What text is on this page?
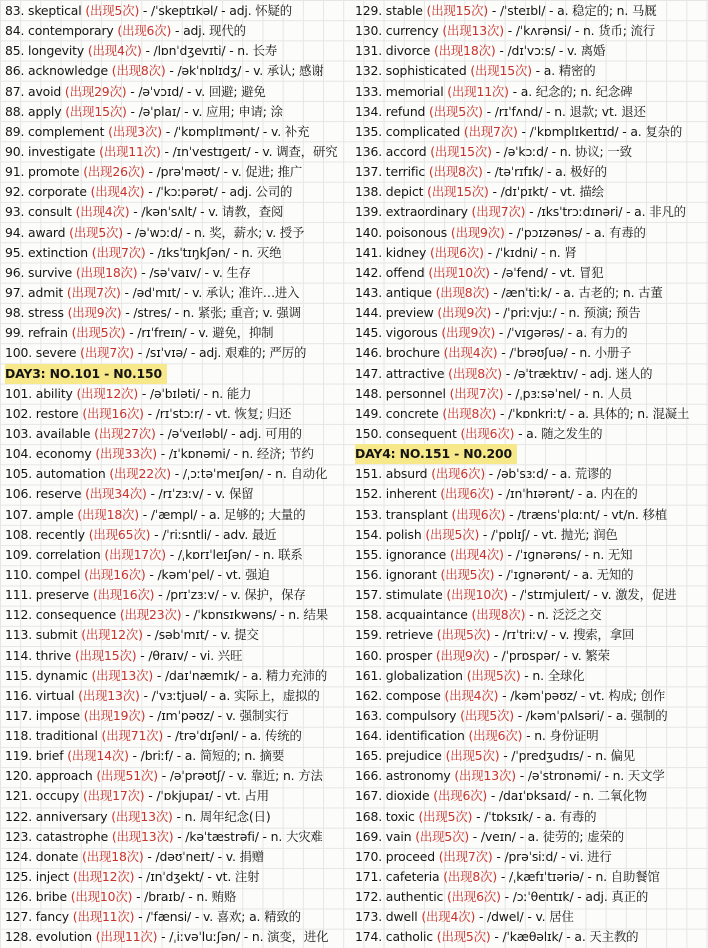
83. skeptical (出现5次) - /ˈskeptɪkəl/ - adj. 怀疑的
84. contemporary (出现6次) - adj. 现代的
85. longevity (出现4次) - /lɒnˈdʒevɪti/ - n. 长寿
86. acknowledge (出现8次) - /əkˈnɒlɪdʒ/ - v. 承认; 感谢
87. avoid (出现29次) - /əˈvɔɪd/ - v. 回避; 避免
88. apply (出现15次) - /əˈplaɪ/ - v. 应用; 申请; 涂
89. complement (出现3次) - /ˈkɒmplɪmənt/ - v. 补充
90. investigate (出现11次) - /ɪnˈvestɪɡeɪt/ - v. 调查，研究
91. promote (出现26次) - /prəˈməʊt/ - v. 促进; 推广
92. corporate (出现4次) - /ˈkɔːpərət/ - adj. 公司的
93. consult (出现4次) - /kənˈsʌlt/ - v. 请教，查阅
94. award (出现5次) - /əˈwɔːd/ - n. 奖，薪水; v. 授予
95. extinction (出现7次) - /ɪksˈtɪŋkʃən/ - n. 灭绝
96. survive (出现18次) - /səˈvaɪv/ - v. 生存
97. admit (出现7次) - /ədˈmɪt/ - v. 承认; 准许…进入
98. stress (出现9次) - /stres/ - n. 紧张; 重音; v. 强调
99. refrain (出现5次) - /rɪˈfreɪn/ - v. 避免，抑制
100. severe (出现7次) - /sɪˈvɪə/ - adj. 艰难的; 严厉的
DAY3: NO.101 - N0.150
101. ability (出现12次) - /əˈbɪləti/ - n. 能力
102. restore (出现16次) - /rɪˈstɔːr/ - vt. 恢复; 归还
103. available (出现27次) - /əˈveɪləbl/ - adj. 可用的
104. economy (出现33次) - /ɪˈkɒnəmi/ - n. 经济; 节约
105. automation (出现22次) - /ˌɔːtəˈmeɪʃən/ - n. 自动化
106. reserve (出现34次) - /rɪˈzɜːv/ - v. 保留
107. ample (出现18次) - /ˈæmpl/ - a. 足够的; 大量的
108. recently (出现65次) - /ˈriːsntli/ - adv. 最近
109. correlation (出现17次) - /ˌkɒrɪˈleɪʃən/ - n. 联系
110. compel (出现16次) - /kəmˈpel/ - vt. 强迫
111. preserve (出现16次) - /prɪˈzɜːv/ - v. 保护，保存
112. consequence (出现23次) - /ˈkɒnsɪkwəns/ - n. 结果
113. submit (出现12次) - /səbˈmɪt/ - v. 提交
114. thrive (出现15次) - /θraɪv/ - vi. 兴旺
115. dynamic (出现13次) - /daɪˈnæmɪk/ - a. 精力充沛的
116. virtual (出现13次) - /ˈvɜːtjuəl/ - a. 实际上，虚拟的
117. impose (出现19次) - /ɪmˈpəʊz/ - v. 强制实行
118. traditional (出现71次) - /trəˈdɪʃənl/ - a. 传统的
119. brief (出现14次) - /briːf/ - a. 简短的; n. 摘要
120. approach (出现51次) - /əˈprəʊtʃ/ - v. 靠近; n. 方法
121. occupy (出现17次) - /ˈɒkjupaɪ/ - vt. 占用
122. anniversary (出现13次) - n. 周年纪念(日)
123. catastrophe (出现13次) - /kəˈtæstrəfi/ - n. 大灾难
124. donate (出现18次) - /dəʊˈneɪt/ - v. 捐赠
125. inject (出现12次) - /ɪnˈdʒekt/ - vt. 注射
126. bribe (出现10次) - /braɪb/ - n. 贿赂
127. fancy (出现11次) - /ˈfænsi/ - v. 喜欢; a. 精致的
128. evolution (出现11次) - /ˌiːvəˈluːʃən/ - n. 演变，进化
129. stable (出现15次) - /ˈsteɪbl/ - a. 稳定的; n. 马厩
130. currency (出现13次) - /ˈkʌrənsi/ - n. 货币; 流行
131. divorce (出现18次) - /dɪˈvɔːs/ - v. 离婚
132. sophisticated (出现15次) - a. 精密的
133. memorial (出现11次) - a. 纪念的; n. 纪念碑
134. refund (出现5次) - /rɪˈfʌnd/ - n. 退款; vt. 退还
135. complicated (出现7次) - /ˈkɒmplɪkeɪtɪd/ - a. 复杂的
136. accord (出现15次) - /əˈkɔːd/ - n. 协议; 一致
137. terrific (出现8次) - /təˈrɪfɪk/ - a. 极好的
138. depict (出现15次) - /dɪˈpɪkt/ - vt. 描绘
139. extraordinary (出现7次) - /ɪksˈtrɔːdɪnəri/ - a. 非凡的
140. poisonous (出现9次) - /ˈpɔɪzənəs/ - a. 有毒的
141. kidney (出现6次) - /ˈkɪdni/ - n. 肾
142. offend (出现10次) - /əˈfend/ - vt. 冒犯
143. antique (出现8次) - /ænˈtiːk/ - a. 古老的; n. 古董
144. preview (出现9次) - /ˈpriːvjuː/ - n. 预演; 预告
145. vigorous (出现9次) - /ˈvɪɡərəs/ - a. 有力的
146. brochure (出现4次) - /ˈbrəʊʃuə/ - n. 小册子
147. attractive (出现8次) - /əˈtræktɪv/ - adj. 迷人的
148. personnel (出现7次) - /ˌpɜːsəˈnel/ - n. 人员
149. concrete (出现8次) - /ˈkɒnkriːt/ - a. 具体的; n. 混凝土
150. consequent (出现6次) - a. 随之发生的
DAY4: NO.151 - N0.200
151. absurd (出现6次) - /əbˈsɜːd/ - a. 荒谬的
152. inherent (出现6次) - /ɪnˈhɪərənt/ - a. 内在的
153. transplant (出现6次) - /trænsˈplɑːnt/ - vt/n. 移植
154. polish (出现5次) - /ˈpɒlɪʃ/ - vt. 抛光; 润色
155. ignorance (出现4次) - /ˈɪɡnərəns/ - n. 无知
156. ignorant (出现5次) - /ˈɪɡnərənt/ - a. 无知的
157. stimulate (出现10次) - /ˈstɪmjuleɪt/ - v. 激发，促进
158. acquaintance (出现8次) - n. 泛泛之交
159. retrieve (出现5次) - /rɪˈtriːv/ - v. 搜索，拿回
160. prosper (出现9次) - /ˈprɒspər/ - v. 繁荣
161. globalization (出现5次) - n. 全球化
162. compose (出现4次) - /kəmˈpəʊz/ - vt. 构成; 创作
163. compulsory (出现5次) - /kəmˈpʌlsəri/ - a. 强制的
164. identification (出现6次) - n. 身份证明
165. prejudice (出现5次) - /ˈpredʒudɪs/ - n. 偏见
166. astronomy (出现13次) - /əˈstrɒnəmi/ - n. 天文学
167. dioxide (出现6次) - /daɪˈɒksaɪd/ - n. 二氧化物
168. toxic (出现5次) - /ˈtɒksɪk/ - a. 有毒的
169. vain (出现5次) - /veɪn/ - a. 徒劳的; 虚荣的
170. proceed (出现7次) - /prəˈsiːd/ - vi. 进行
171. cafeteria (出现8次) - /ˌkæfɪˈtɪəriə/ - n. 自助餐馆
172. authentic (出现6次) - /ɔːˈθentɪk/ - adj. 真正的
173. dwell (出现4次) - /dwel/ - v. 居住
174. catholic (出现5次) - /ˈkæθəlɪk/ - a. 天主教的
